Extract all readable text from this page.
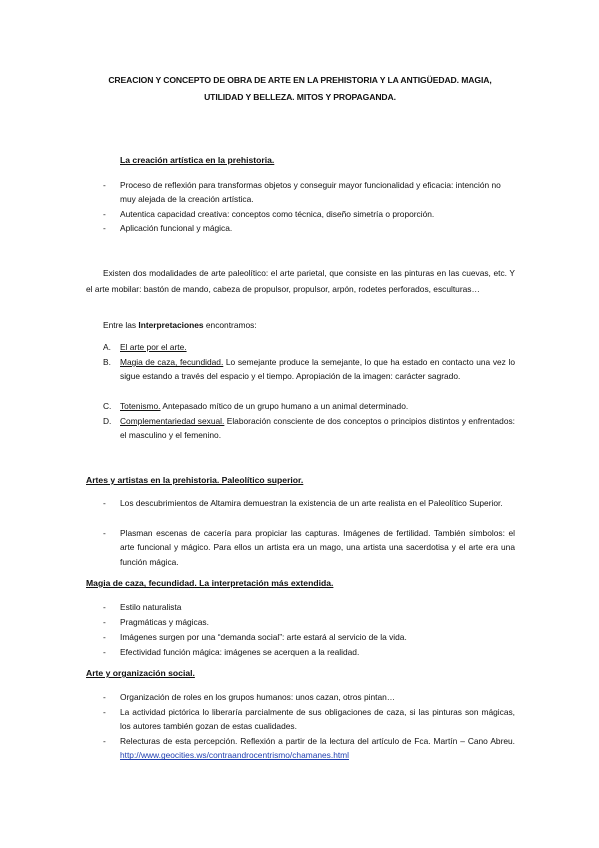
CREACION Y CONCEPTO DE OBRA DE ARTE EN LA PREHISTORIA Y LA ANTIGÜEDAD. MAGIA, UTILIDAD Y BELLEZA. MITOS Y PROPAGANDA.
La creación artística en la prehistoria.
- Proceso de reflexión para transformas objetos y conseguir mayor funcionalidad y eficacia: intención no muy alejada de la creación artística.
- Autentica capacidad creativa: conceptos como técnica, diseño simetría o proporción.
- Aplicación funcional y mágica.
Existen dos modalidades de arte paleolítico: el arte parietal, que consiste en las pinturas en las cuevas, etc. Y el arte mobilar: bastón de mando, cabeza de propulsor, propulsor, arpón, rodetes perforados, esculturas…
Entre las Interpretaciones encontramos:
A. El arte por el arte.
B. Magia de caza, fecundidad. Lo semejante produce la semejante, lo que ha estado en contacto una vez lo sigue estando a través del espacio y el tiempo. Apropiación de la imagen: carácter sagrado.
C. Totenismo. Antepasado mítico de un grupo humano a un animal determinado.
D. Complementariedad sexual. Elaboración consciente de dos conceptos o principios distintos y enfrentados: el masculino y el femenino.
Artes y artistas en la prehistoria. Paleolítico superior.
- Los descubrimientos de Altamira demuestran la existencia de un arte realista en el Paleolítico Superior.
- Plasman escenas de cacería para propiciar las capturas. Imágenes de fertilidad. También símbolos: el arte funcional y mágico. Para ellos un artista era un mago, una artista una sacerdotisa y el arte era una función mágica.
Magia de caza, fecundidad. La interpretación más extendida.
- Estilo naturalista
- Pragmáticas y mágicas.
- Imágenes surgen por una “demanda social”: arte estará al servicio de la vida.
- Efectividad función mágica: imágenes se acerquen a la realidad.
Arte y organización social.
- Organización de roles en los grupos humanos: unos cazan, otros pintan…
- La actividad pictórica lo liberaría parcialmente de sus obligaciones de caza, si las pinturas son mágicas, los autores también gozan de estas cualidades.
- Relecturas de esta percepción. Reflexión a partir de la lectura del artículo de Fca. Martín – Cano Abreu. http://www.geocities.ws/contraandrocentrismo/chamanes.html
